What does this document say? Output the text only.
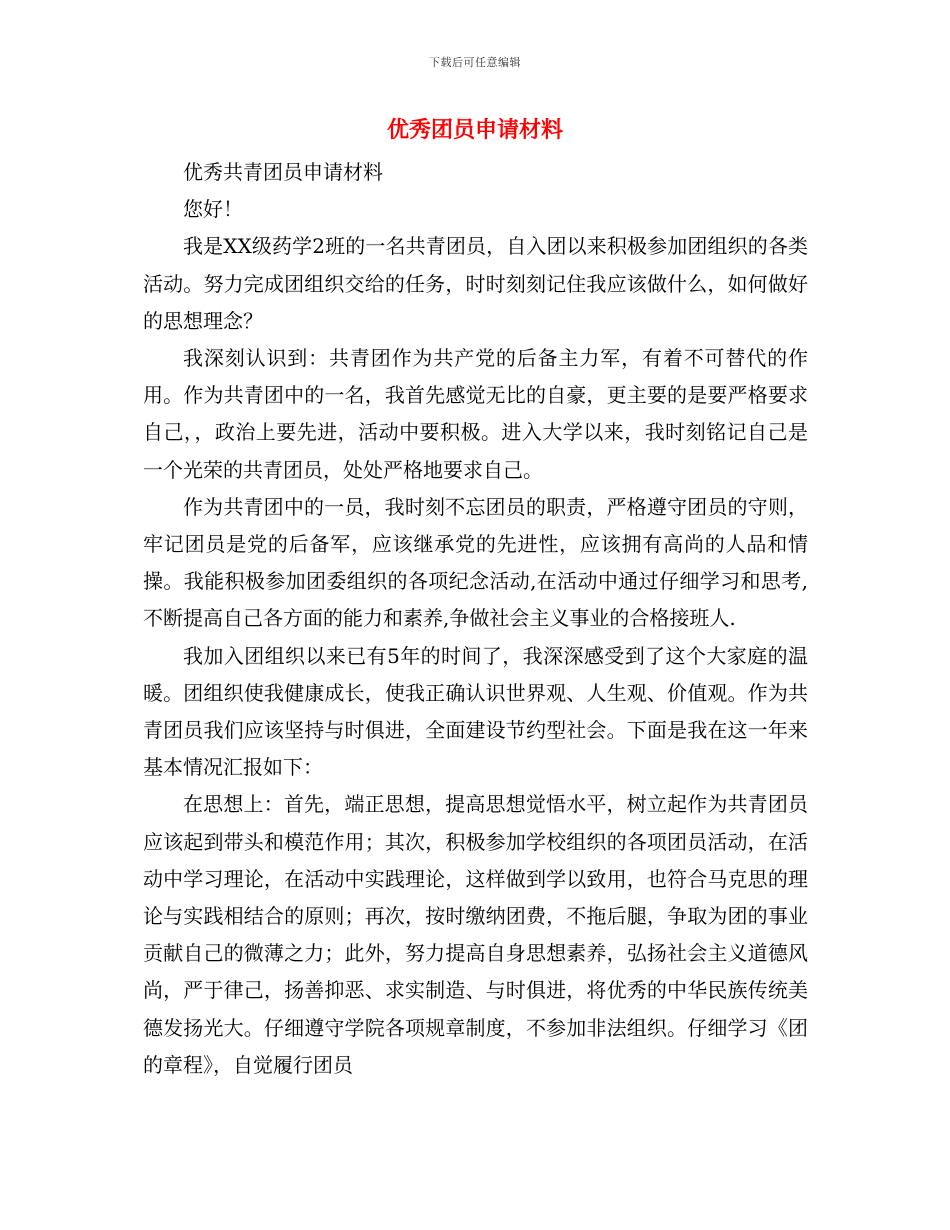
下载后可任意编辑
优秀团员申请材料

优秀共青团员申请材料

您好！

我是XX级药学2班的一名共青团员，自入团以来积极参加团组织的各类活动。努力完成团组织交给的任务，时时刻刻记住我应该做什么，如何做好的思想理念？

我深刻认识到：共青团作为共产党的后备主力军，有着不可替代的作用。作为共青团中的一名，我首先感觉无比的自豪，更主要的是要严格要求自己，，政治上要先进，活动中要积极。进入大学以来，我时刻铭记自己是一个光荣的共青团员，处处严格地要求自己。

作为共青团中的一员，我时刻不忘团员的职责，严格遵守团员的守则，牢记团员是党的后备军，应该继承党的先进性，应该拥有高尚的人品和情操。我能积极参加团委组织的各项纪念活动,在活动中通过仔细学习和思考,不断提高自己各方面的能力和素养,争做社会主义事业的合格接班人.

我加入团组织以来已有5年的时间了，我深深感受到了这个大家庭的温暖。团组织使我健康成长，使我正确认识世界观、人生观、价值观。作为共青团员我们应该坚持与时俱进，全面建设节约型社会。下面是我在这一年来基本情况汇报如下：

在思想上：首先，端正思想，提高思想觉悟水平，树立起作为共青团员应该起到带头和模范作用；其次，积极参加学校组织的各项团员活动，在活动中学习理论，在活动中实践理论，这样做到学以致用，也符合马克思的理论与实践相结合的原则；再次，按时缴纳团费，不拖后腿，争取为团的事业贡献自己的微薄之力；此外，努力提高自身思想素养，弘扬社会主义道德风尚，严于律己，扬善抑恶、求实制造、与时俱进，将优秀的中华民族传统美德发扬光大。仔细遵守学院各项规章制度，不参加非法组织。仔细学习《团的章程》，自觉履行团员
